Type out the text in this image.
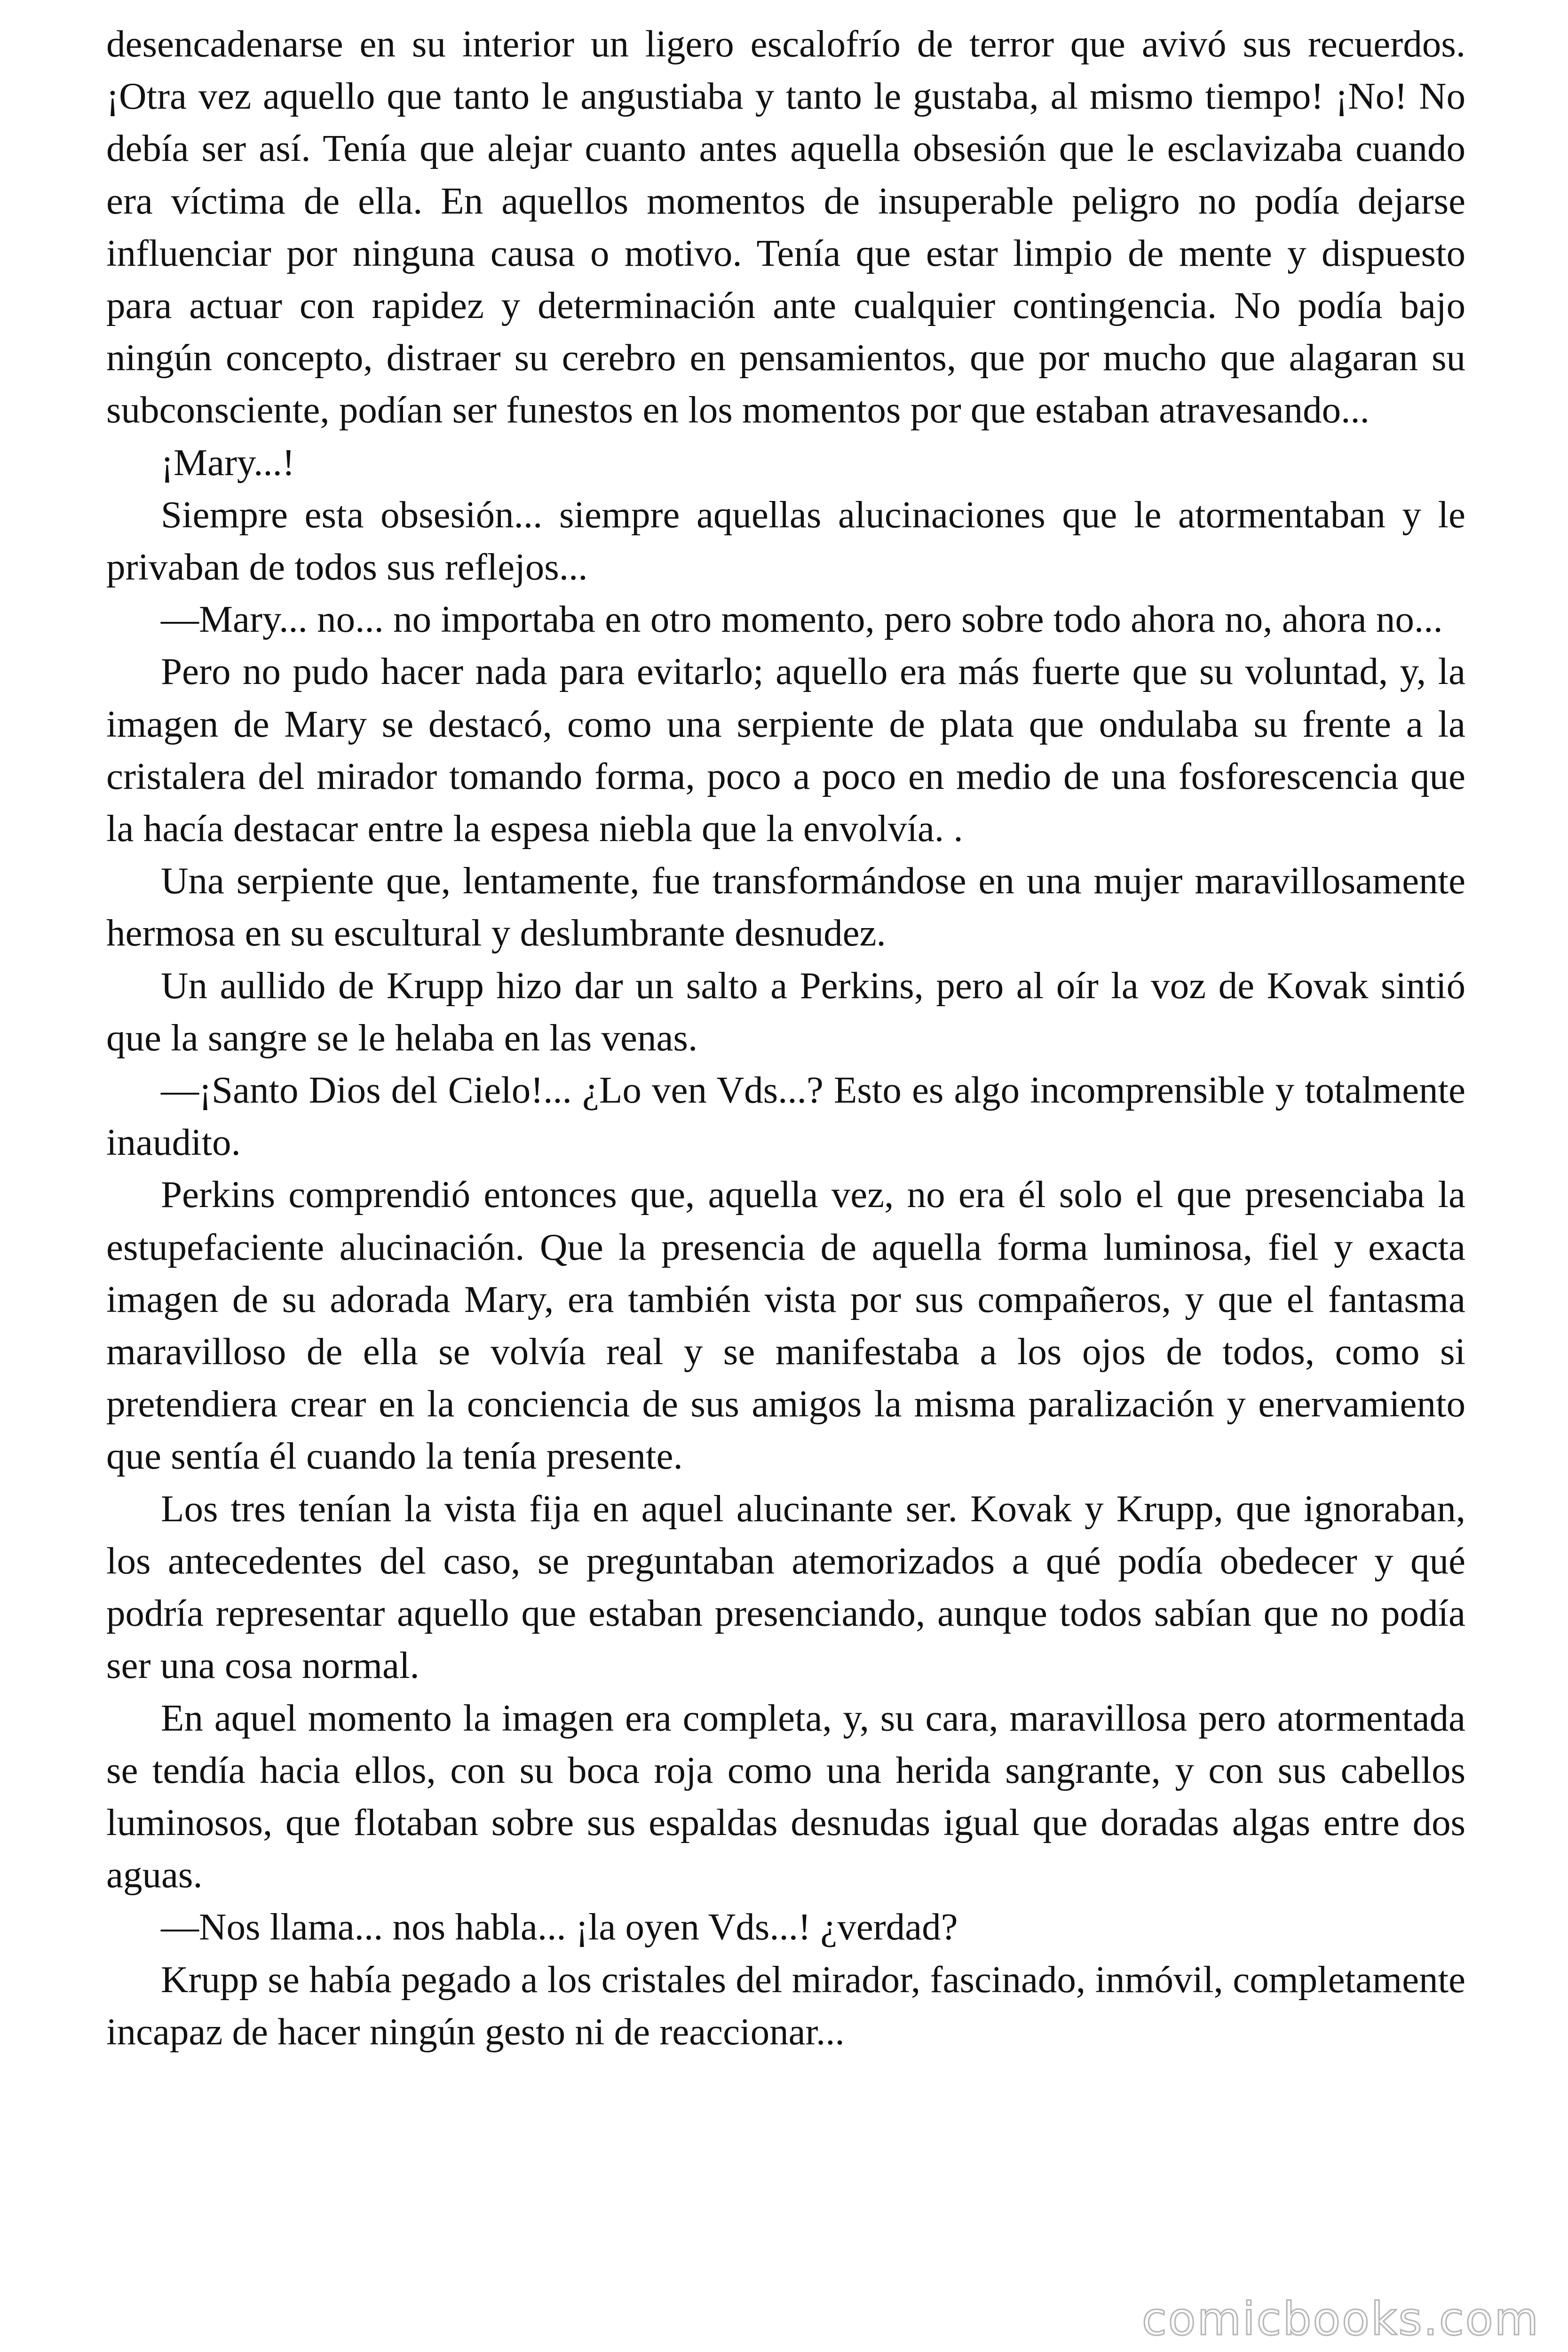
desencadenarse en su interior un ligero escalofrío de terror que avivó sus recuerdos. ¡Otra vez aquello que tanto le angustiaba y tanto le gustaba, al mismo tiempo! ¡No! No debía ser así. Tenía que alejar cuanto antes aquella obsesión que le esclavizaba cuando era víctima de ella. En aquellos momentos de insuperable peligro no podía dejarse influenciar por ninguna causa o motivo. Tenía que estar limpio de mente y dispuesto para actuar con rapidez y determinación ante cualquier contingencia. No podía bajo ningún concepto, distraer su cerebro en pensamientos, que por mucho que alagaran su subconsciente, podían ser funestos en los momentos por que estaban atravesando...

¡Mary...!

Siempre esta obsesión... siempre aquellas alucinaciones que le atormentaban y le privaban de todos sus reflejos...

—Mary... no... no importaba en otro momento, pero sobre todo ahora no, ahora no...

Pero no pudo hacer nada para evitarlo; aquello era más fuerte que su voluntad, y, la imagen de Mary se destacó, como una serpiente de plata que ondulaba su frente a la cristalera del mirador tomando forma, poco a poco en medio de una fosforescencia que la hacía destacar entre la espesa niebla que la envolvía. .

Una serpiente que, lentamente, fue transformándose en una mujer maravillosamente hermosa en su escultural y deslumbrante desnudez.

Un aullido de Krupp hizo dar un salto a Perkins, pero al oír la voz de Kovak sintió que la sangre se le helaba en las venas.

—¡Santo Dios del Cielo!... ¿Lo ven Vds...? Esto es algo incomprensible y totalmente inaudito.

Perkins comprendió entonces que, aquella vez, no era él solo el que presenciaba la estupefaciente alucinación. Que la presencia de aquella forma luminosa, fiel y exacta imagen de su adorada Mary, era también vista por sus compañeros, y que el fantasma maravilloso de ella se volvía real y se manifestaba a los ojos de todos, como si pretendiera crear en la conciencia de sus amigos la misma paralización y enervamiento que sentía él cuando la tenía presente.

Los tres tenían la vista fija en aquel alucinante ser. Kovak y Krupp, que ignoraban, los antecedentes del caso, se preguntaban atemorizados a qué podía obedecer y qué podría representar aquello que estaban presenciando, aunque todos sabían que no podía ser una cosa normal.

En aquel momento la imagen era completa, y, su cara, maravillosa pero atormentada se tendía hacia ellos, con su boca roja como una herida sangrante, y con sus cabellos luminosos, que flotaban sobre sus espaldas desnudas igual que doradas algas entre dos aguas.

—Nos llama... nos habla... ¡la oyen Vds...! ¿verdad?

Krupp se había pegado a los cristales del mirador, fascinado, inmóvil, completamente incapaz de hacer ningún gesto ni de reaccionar...

comicbooks.com
